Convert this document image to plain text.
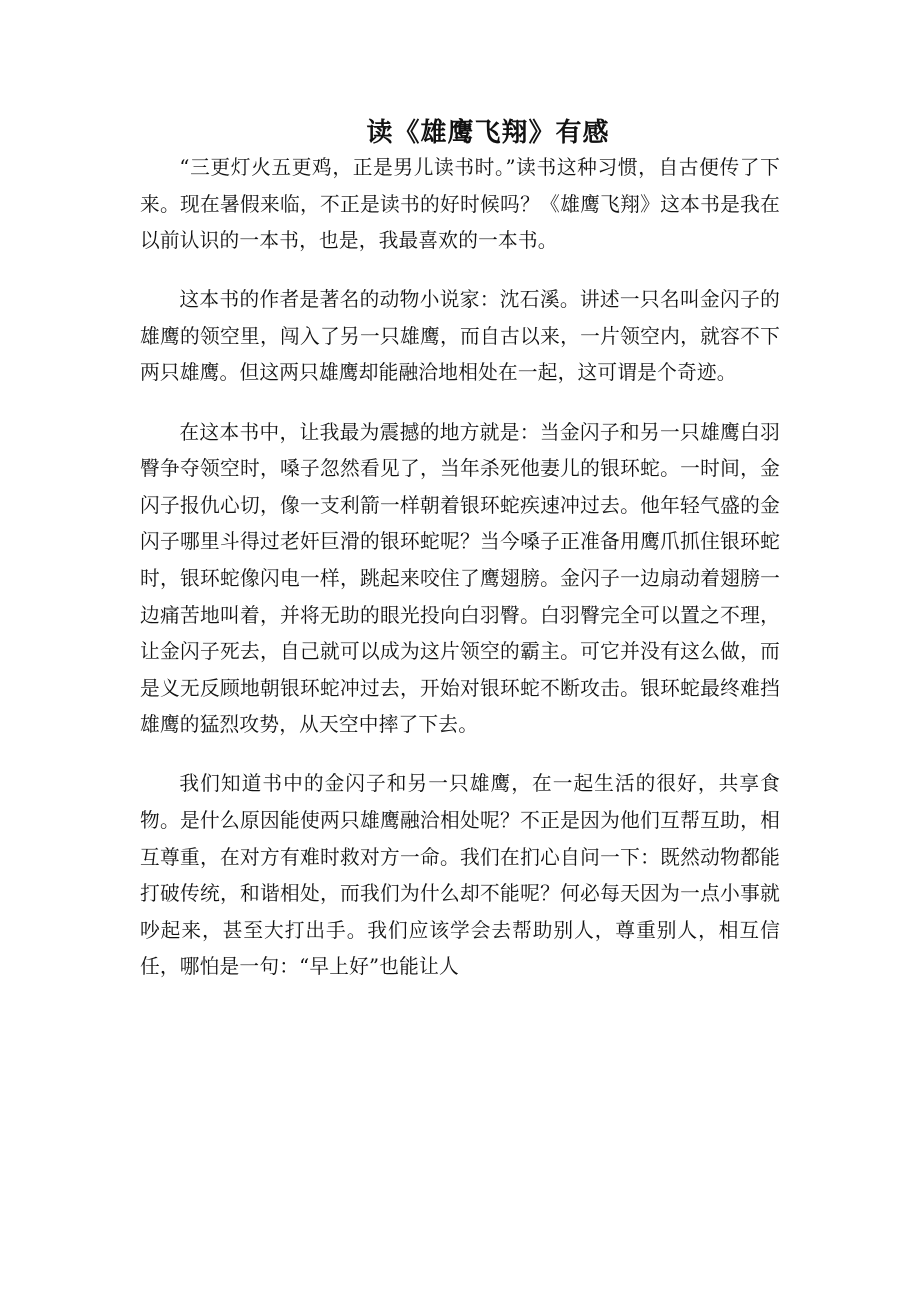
读《雄鹰飞翔》有感

“三更灯火五更鸡，正是男儿读书时。”读书这种习惯，自古便传了下来。现在暑假来临，不正是读书的好时候吗？《雄鹰飞翔》这本书是我在以前认识的一本书，也是，我最喜欢的一本书。

这本书的作者是著名的动物小说家：沈石溪。讲述一只名叫金闪子的雄鹰的领空里，闯入了另一只雄鹰，而自古以来，一片领空内，就容不下两只雄鹰。但这两只雄鹰却能融洽地相处在一起，这可谓是个奇迹。

在这本书中，让我最为震撼的地方就是：当金闪子和另一只雄鹰白羽臀争夺领空时，嗓子忽然看见了，当年杀死他妻儿的银环蛇。一时间，金闪子报仇心切，像一支利箭一样朝着银环蛇疾速冲过去。他年轻气盛的金闪子哪里斗得过老奸巨滑的银环蛇呢？当今嗓子正准备用鹰爪抓住银环蛇时，银环蛇像闪电一样，跳起来咬住了鹰翅膀。金闪子一边扇动着翅膀一边痛苦地叫着，并将无助的眼光投向白羽臀。白羽臀完全可以置之不理，让金闪子死去，自己就可以成为这片领空的霸主。可它并没有这么做，而是义无反顾地朝银环蛇冲过去，开始对银环蛇不断攻击。银环蛇最终难挡雄鹰的猛烈攻势，从天空中摔了下去。

我们知道书中的金闪子和另一只雄鹰，在一起生活的很好，共享食物。是什么原因能使两只雄鹰融洽相处呢？不正是因为他们互帮互助，相互尊重，在对方有难时救对方一命。我们在扪心自问一下：既然动物都能打破传统，和谐相处，而我们为什么却不能呢？何必每天因为一点小事就吵起来，甚至大打出手。我们应该学会去帮助别人，尊重别人，相互信任，哪怕是一句：“早上好”也能让人
